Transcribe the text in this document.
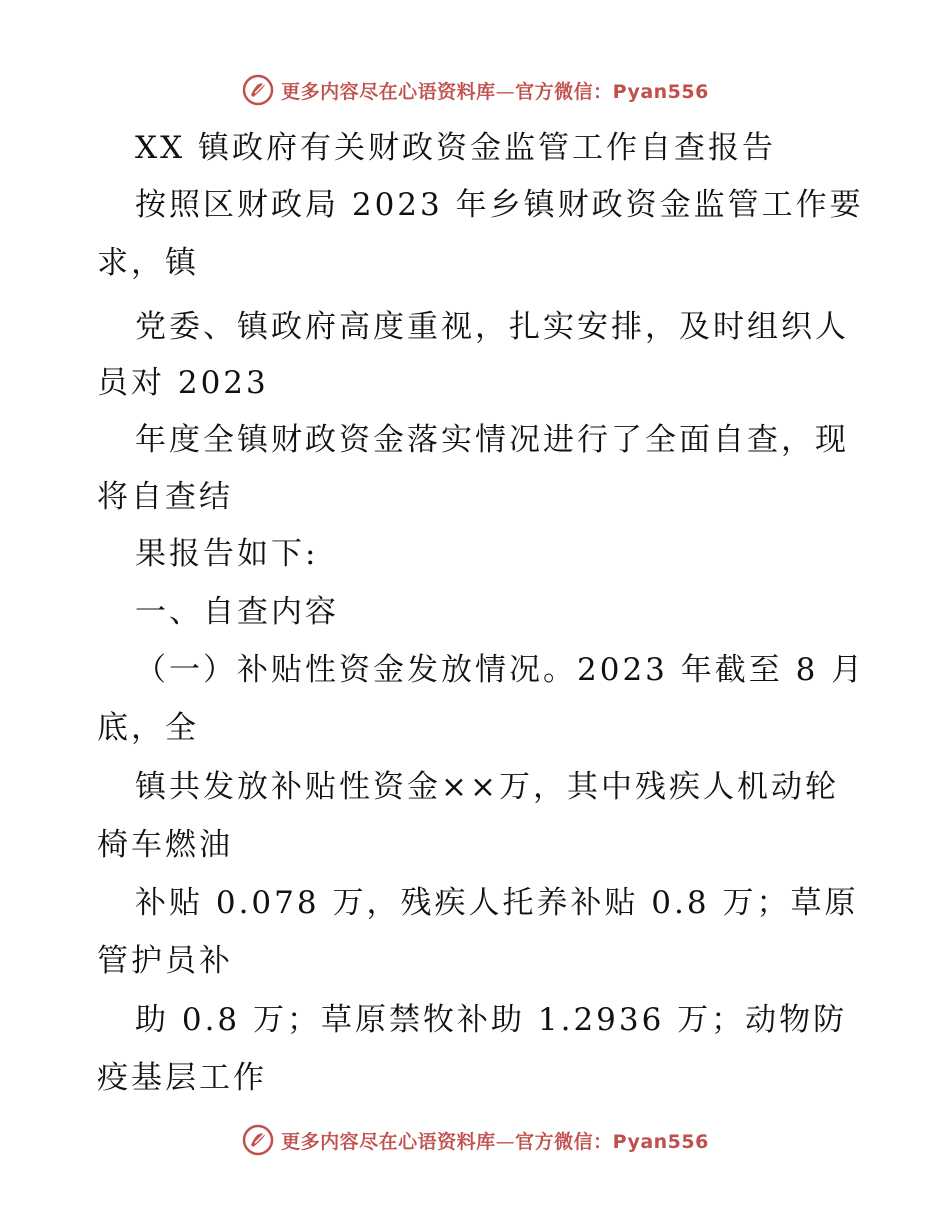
更多内容尽在心语资料库—官方微信：Pyan556
XX 镇政府有关财政资金监管工作自查报告
按照区财政局 2023 年乡镇财政资金监管工作要
求，镇
党委、镇政府高度重视，扎实安排，及时组织人
员对 2023
年度全镇财政资金落实情况进行了全面自查，现
将自查结
果报告如下:
一、自查内容
（一）补贴性资金发放情况。2023 年截至 8 月
底，全
镇共发放补贴性资金××万，其中残疾人机动轮
椅车燃油
补贴 0.078 万，残疾人托养补贴 0.8 万；草原
管护员补
助 0.8 万；草原禁牧补助 1.2936 万；动物防
疫基层工作
更多内容尽在心语资料库—官方微信：Pyan556
